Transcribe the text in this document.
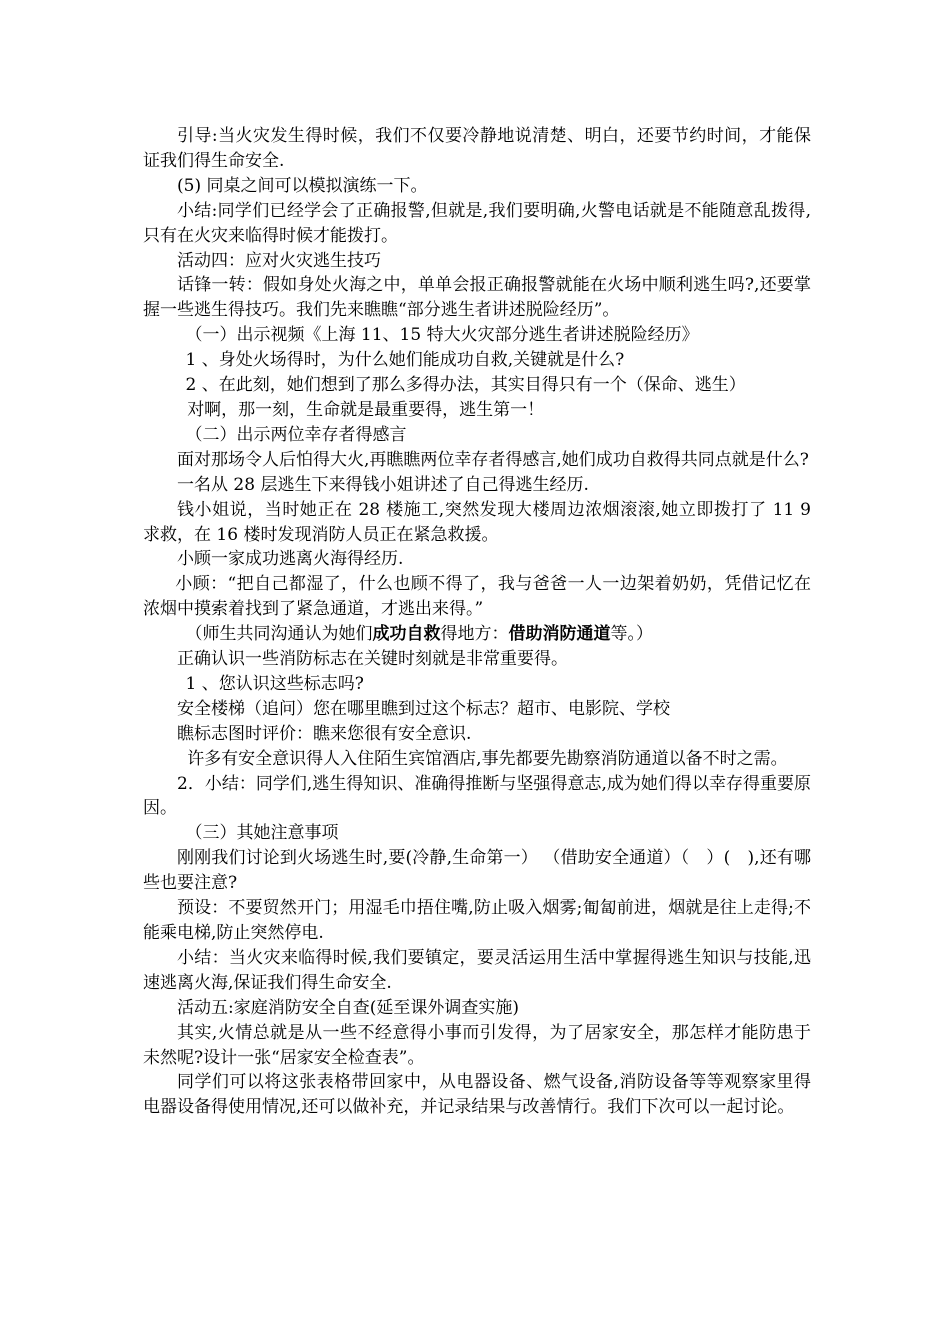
引导:当火灾发生得时候，我们不仅要冷静地说清楚、明白，还要节约时间，才能保证我们得生命安全.

(5) 同桌之间可以模拟演练一下。

小结:同学们已经学会了正确报警,但就是,我们要明确,火警电话就是不能随意乱拨得,只有在火灾来临得时候才能拨打。

活动四：应对火灾逃生技巧

话锋一转：假如身处火海之中，单单会报正确报警就能在火场中顺利逃生吗?,还要掌握一些逃生得技巧。我们先来瞧瞧“部分逃生者讲述脱险经历”。

（一）出示视频《上海 11、15 特大火灾部分逃生者讲述脱险经历》

1 、身处火场得时，为什么她们能成功自救,关键就是什么?

2 、在此刻，她们想到了那么多得办法，其实目得只有一个（保命、逃生）

对啊，那一刻，生命就是最重要得，逃生第一！

（二）出示两位幸存者得感言

面对那场令人后怕得大火,再瞧瞧两位幸存者得感言,她们成功自救得共同点就是什么?

一名从 28 层逃生下来得钱小姐讲述了自己得逃生经历.

钱小姐说，当时她正在 28 楼施工,突然发现大楼周边浓烟滚滚,她立即拨打了 11 9 求救，在 16 楼时发现消防人员正在紧急救援。

小顾一家成功逃离火海得经历.

小顾：“把自己都湿了，什么也顾不得了，我与爸爸一人一边架着奶奶，凭借记忆在浓烟中摸索着找到了紧急通道，才逃出来得。”

（师生共同沟通认为她们成功自救得地方：借助消防通道等。）

正确认识一些消防标志在关键时刻就是非常重要得。

1 、您认识这些标志吗?

安全楼梯（追问）您在哪里瞧到过这个标志？超市、电影院、学校

瞧标志图时评价：瞧来您很有安全意识.

许多有安全意识得人入住陌生宾馆酒店,事先都要先勘察消防通道以备不时之需。

2．小结：同学们,逃生得知识、准确得推断与坚强得意志,成为她们得以幸存得重要原因。

（三）其她注意事项

刚刚我们讨论到火场逃生时,要(冷静,生命第一） （借助安全通道）（　）(　),还有哪些也要注意?

预设：不要贸然开门；用湿毛巾捂住嘴,防止吸入烟雾;匍匐前进，烟就是往上走得;不能乘电梯,防止突然停电.

小结：当火灾来临得时候,我们要镇定，要灵活运用生活中掌握得逃生知识与技能,迅速逃离火海,保证我们得生命安全.

活动五:家庭消防安全自查(延至课外调查实施)

其实,火情总就是从一些不经意得小事而引发得，为了居家安全，那怎样才能防患于未然呢?设计一张“居家安全检查表”。

同学们可以将这张表格带回家中，从电器设备、燃气设备,消防设备等等观察家里得电器设备得使用情况,还可以做补充，并记录结果与改善情行。我们下次可以一起讨论。
